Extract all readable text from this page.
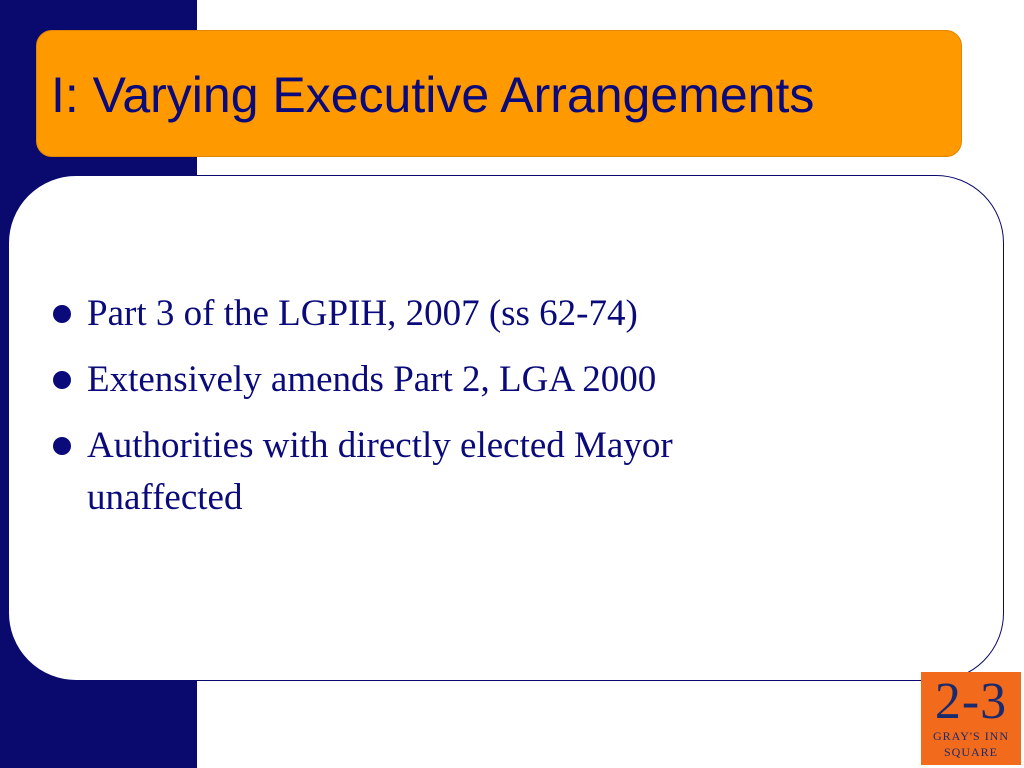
I: Varying Executive Arrangements
Part 3 of the LGPIH, 2007 (ss 62-74)
Extensively amends Part 2, LGA 2000
Authorities with directly elected Mayor unaffected
2-3
GRAY'S INN
SQUARE
